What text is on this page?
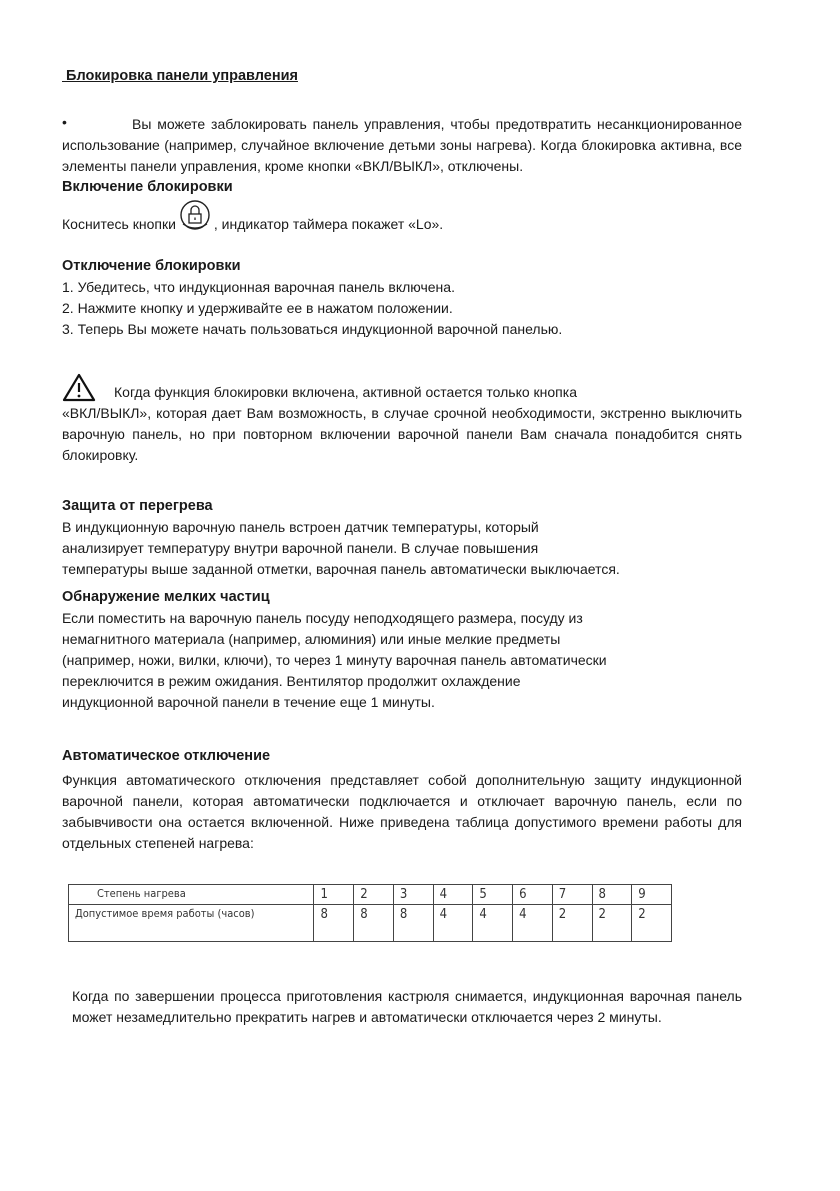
Блокировка панели управления

•	Вы можете заблокировать панель управления, чтобы предотвратить несанкционированное использование (например, случайное включение детьми зоны нагрева). Когда блокировка активна, все элементы панели управления, кроме кнопки «ВКЛ/ВЫКЛ», отключены.

Включение блокировки

Коснитесь кнопки	, индикатор таймера покажет «Lo».

Отключение блокировки

1. Убедитесь, что индукционная варочная панель включена.

2. Нажмите кнопку и удерживайте ее в нажатом положении.

3. Теперь Вы можете начать пользоваться индукционной варочной панелью.

Когда функция блокировки включена, активной остается только кнопка

«ВКЛ/ВЫКЛ», которая дает Вам возможность, в случае срочной необходимости, экстренно выключить варочную панель, но при повторном включении варочной панели Вам сначала понадобится снять блокировку.

Защита от перегрева

В индукционную варочную панель встроен датчик температуры, который

анализирует температуру внутри варочной панели. В случае повышения

температуры выше заданной отметки, варочная панель автоматически выключается.

Обнаружение мелких частиц

Если поместить на варочную панель посуду неподходящего размера, посуду из

немагнитного материала (например, алюминия) или иные мелкие предметы

(например, ножи, вилки, ключи), то через 1 минуту варочная панель автоматически

переключится в режим ожидания. Вентилятор продолжит охлаждение

индукционной варочной панели в течение еще 1 минуты.

Автоматическое отключение

Функция автоматического отключения представляет собой дополнительную защиту индукционной варочной панели, которая автоматически подключается и отключает варочную панель, если по забывчивости она остается включенной. Ниже приведена таблица допустимого времени работы для отдельных степеней нагрева:

Степень нагрева	1	2	3	4	5	6	7	8	9
Допустимое время работы (часов)	8	8	8	4	4	4	2	2	2

Когда по завершении процесса приготовления кастрюля снимается, индукционная варочная панель может незамедлительно прекратить нагрев и автоматически отключается через 2 минуты.
